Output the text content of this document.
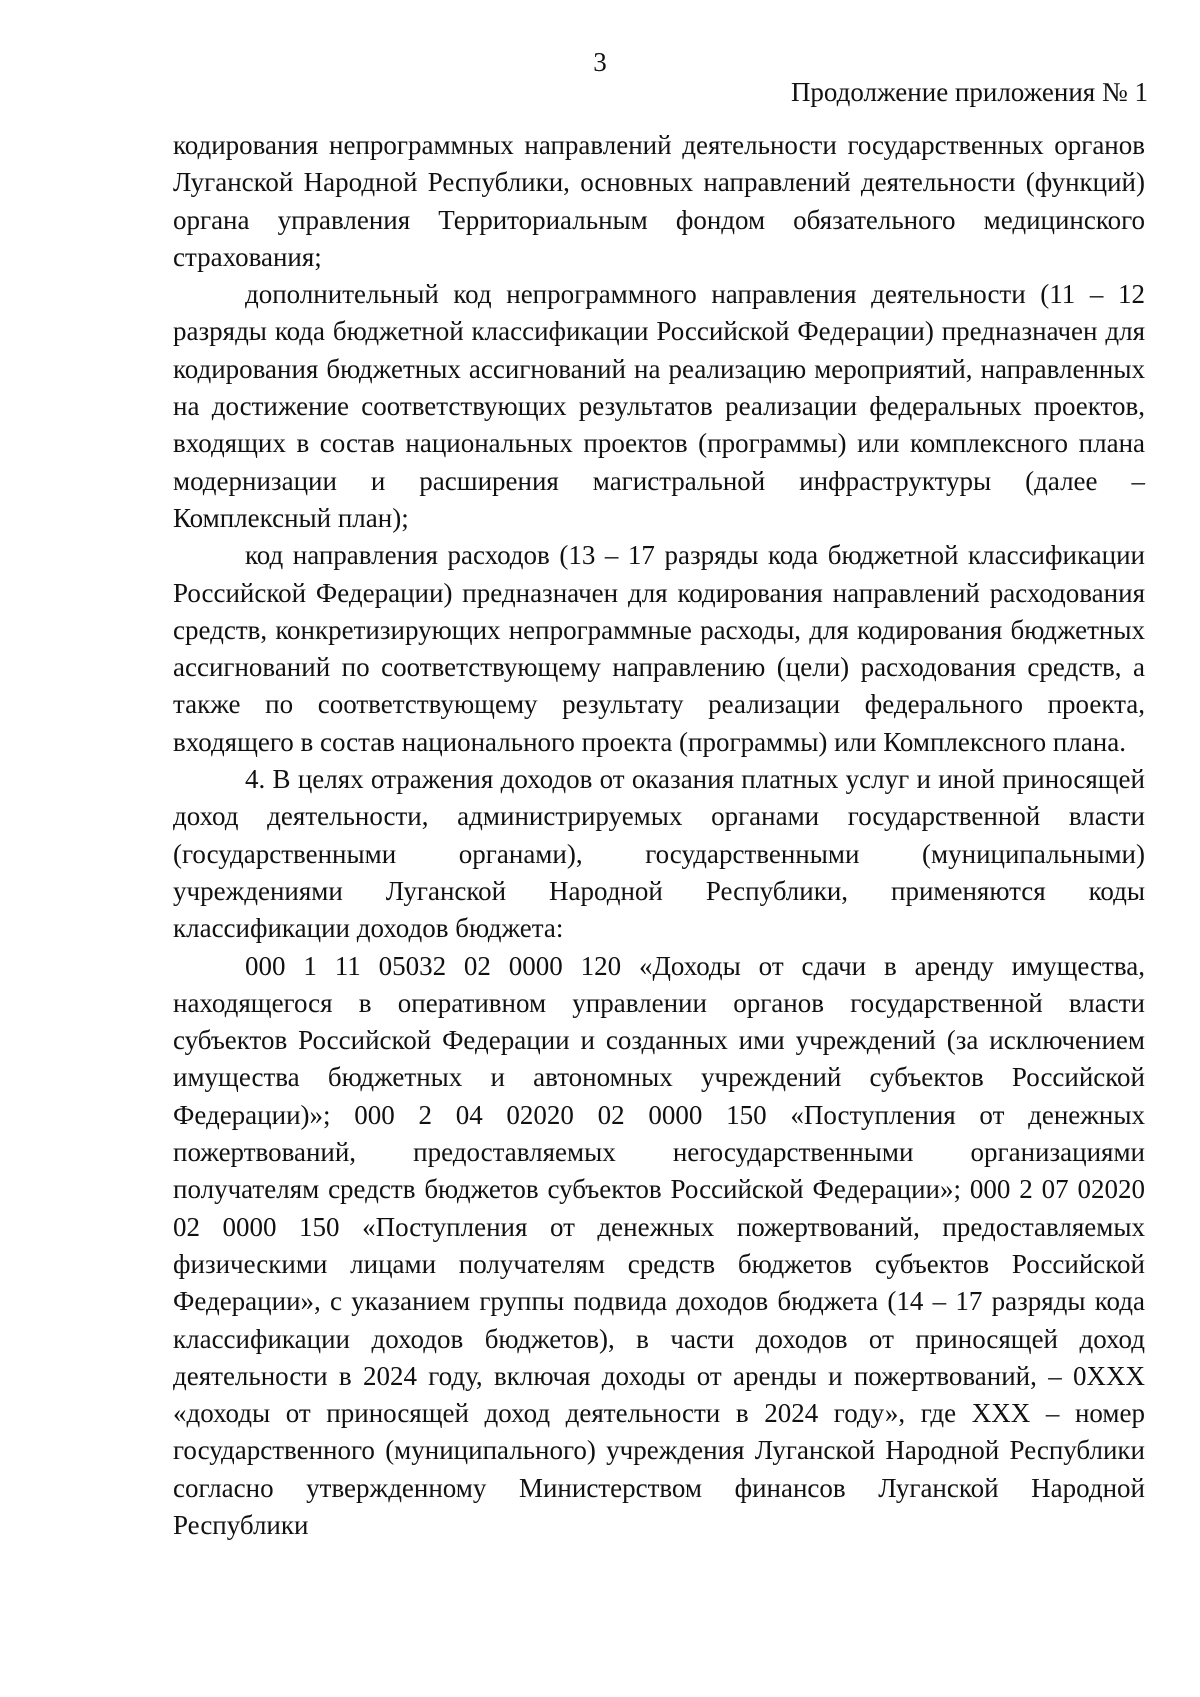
3
Продолжение приложения № 1

кодирования непрограммных направлений деятельности государственных органов Луганской Народной Республики, основных направлений деятельности (функций) органа управления Территориальным фондом обязательного медицинского страхования;

дополнительный код непрограммного направления деятельности (11 – 12 разряды кода бюджетной классификации Российской Федерации) предназначен для кодирования бюджетных ассигнований на реализацию мероприятий, направленных на достижение соответствующих результатов реализации федеральных проектов, входящих в состав национальных проектов (программы) или комплексного плана модернизации и расширения магистральной инфраструктуры (далее – Комплексный план);

код направления расходов (13 – 17 разряды кода бюджетной классификации Российской Федерации) предназначен для кодирования направлений расходования средств, конкретизирующих непрограммные расходы, для кодирования бюджетных ассигнований по соответствующему направлению (цели) расходования средств, а также по соответствующему результату реализации федерального проекта, входящего в состав национального проекта (программы) или Комплексного плана.

4. В целях отражения доходов от оказания платных услуг и иной приносящей доход деятельности, администрируемых органами государственной власти (государственными органами), государственными (муниципальными) учреждениями Луганской Народной Республики, применяются коды классификации доходов бюджета:

000 1 11 05032 02 0000 120 «Доходы от сдачи в аренду имущества, находящегося в оперативном управлении органов государственной власти субъектов Российской Федерации и созданных ими учреждений (за исключением имущества бюджетных и автономных учреждений субъектов Российской Федерации)»; 000 2 04 02020 02 0000 150 «Поступления от денежных пожертвований, предоставляемых негосударственными организациями получателям средств бюджетов субъектов Российской Федерации»; 000 2 07 02020 02 0000 150 «Поступления от денежных пожертвований, предоставляемых физическими лицами получателям средств бюджетов субъектов Российской Федерации», с указанием группы подвида доходов бюджета (14 – 17 разряды кода классификации доходов бюджетов), в части доходов от приносящей доход деятельности в 2024 году, включая доходы от аренды и пожертвований, – 0ХХХ «доходы от приносящей доход деятельности в 2024 году», где ХХХ – номер государственного (муниципального) учреждения Луганской Народной Республики согласно утвержденному Министерством финансов Луганской Народной Республики
